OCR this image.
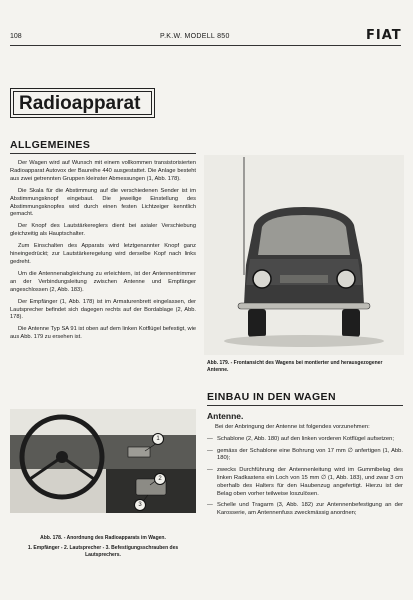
108	P.K.W. MODELL 850	FIAT
Radioapparat
ALLGEMEINES

Der Wagen wird auf Wunsch mit einem vollkommen transistorisierten Radioapparat Autovox der Baureihe 440 ausgestattet. Die Anlage besteht aus zwei getrennten Gruppen kleinster Abmessungen (1, Abb. 178).

Die Skala für die Abstimmung auf die verschiedenen Sender ist im Abstimmungsknopf eingebaut. Die jeweilige Einstellung des Abstimmungsknopfes wird durch einen festen Lichtzeiger kenntlich gemacht.

Der Knopf des Lautstärkereglers dient bei axialer Verschiebung gleichzeitig als Hauptschalter.

Zum Einschalten des Apparats wird letztgenannter Knopf ganz hineingedrückt; zur Lautstärkeregelung wird derselbe Kopf nach links gedreht.

Um die Antennenabgleichung zu erleichtern, ist der Antennentrimmer an der Verbindungsleitung zwischen Antenne und Empfänger angeschlossen (2, Abb. 183).

Der Empfänger (1, Abb. 178) ist im Armaturenbrett eingelassen, der Lautsprecher befindet sich dagegen rechts auf der Bordablage (2, Abb. 178).

Die Antenne Typ SA 91 ist oben auf dem linken Kotflügel befestigt, wie aus Abb. 179 zu ersehen ist.

Abb. 179. - Frontansicht des Wagens bei montierter und herausgezogener Antenne.
1
2
3
Abb. 178. - Anordnung des Radioapparats im Wagen.
1. Empfänger - 2. Lautsprecher - 3. Befestigungsschrauben des Lautsprechers.
EINBAU IN DEN WAGEN
Antenne.

Bei der Anbringung der Antenne ist folgendes vorzunehmen:

— Schablone (2, Abb. 180) auf den linken vorderen Kotflügel aufsetzen;
— gemäss der Schablone eine Bohrung von 17 mm ∅ anfertigen (1, Abb. 180);
— zwecks Durchführung der Antennenleitung wird im Gummibelag des linken Radkastens ein Loch von 15 mm ∅ (1, Abb. 183), und zwar 3 cm oberhalb des Halters für den Haubenzug angefertigt. Hierzu ist der Belag oben vorher teilweise loszulösen.
— Schelle und Tragarm (3, Abb. 182) zur Antennenbefestigung an der Karosserie, am Antennenfuss zweckmässig anordnen;
